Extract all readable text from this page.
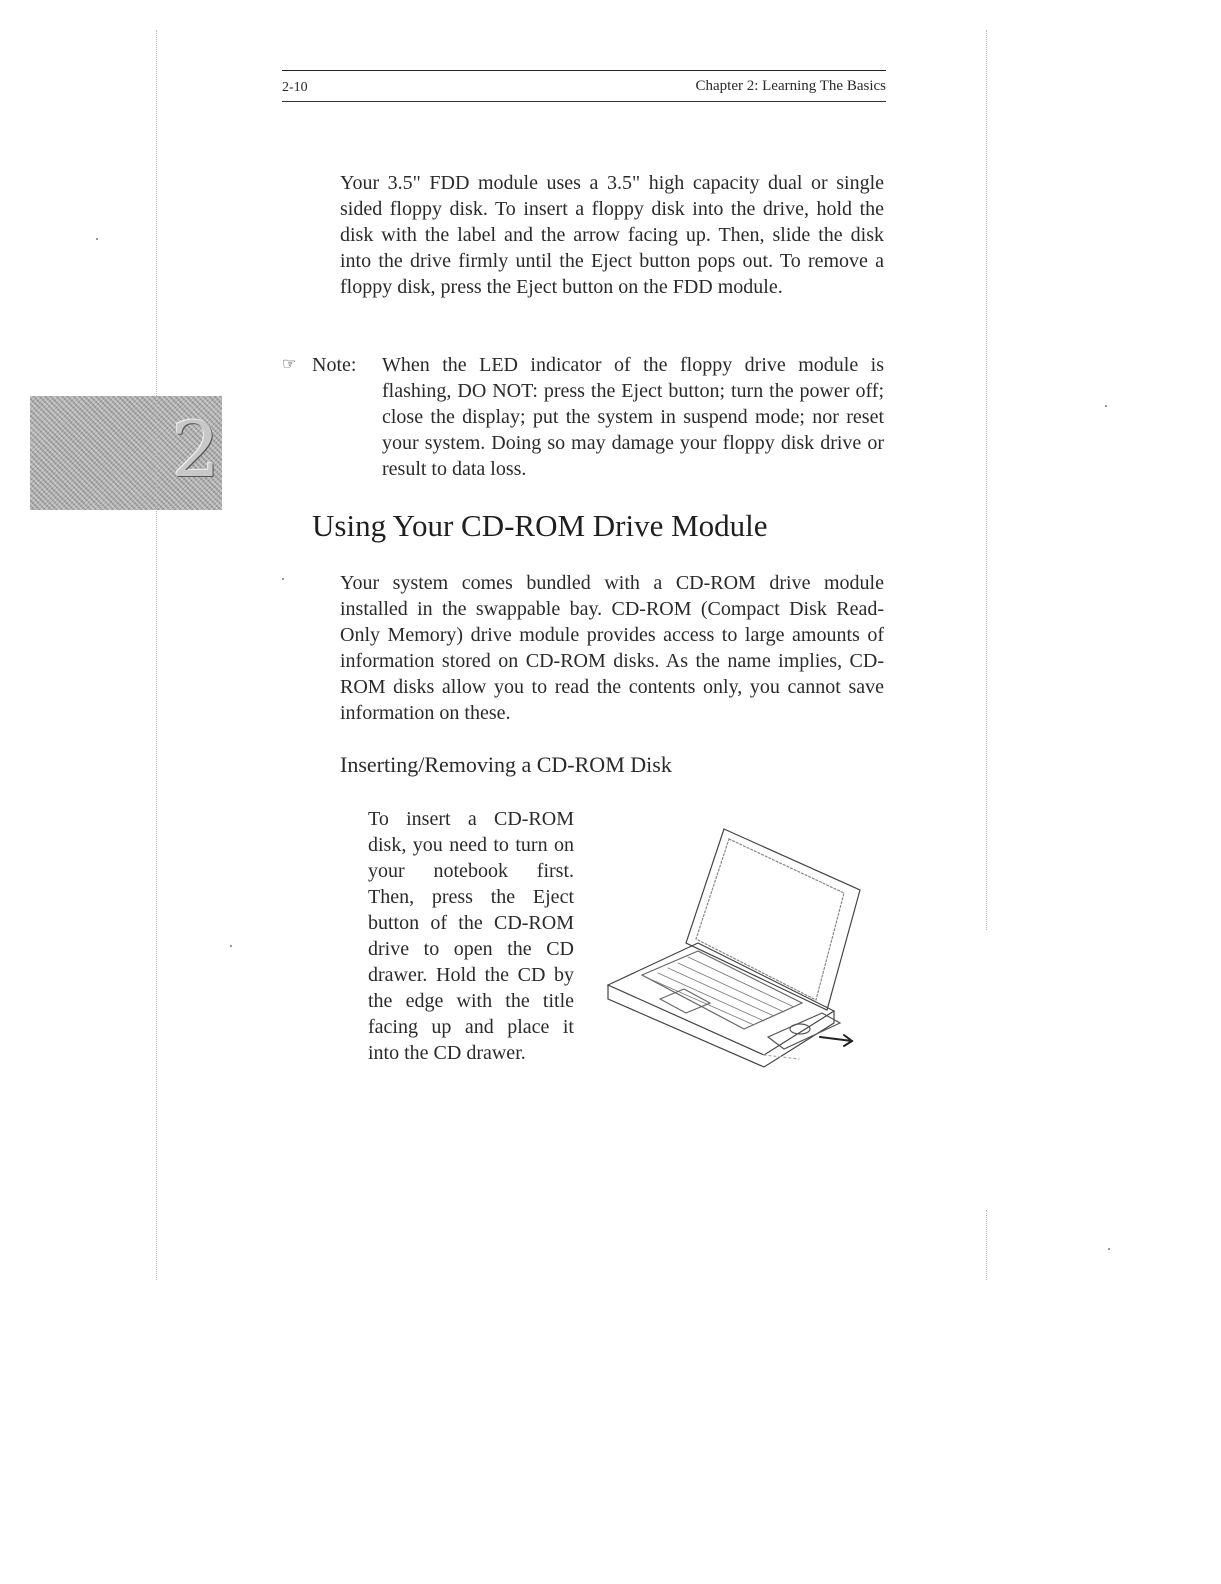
2-10	Chapter 2: Learning The Basics

Your 3.5" FDD module uses a 3.5" high capacity dual or single sided floppy disk. To insert a floppy disk into the drive, hold the disk with the label and the arrow facing up. Then, slide the disk into the drive firmly until the Eject button pops out. To remove a floppy disk, press the Eject button on the FDD module.

☞ Note: When the LED indicator of the floppy drive module is flashing, DO NOT: press the Eject button; turn the power off; close the display; put the system in suspend mode; nor reset your system. Doing so may damage your floppy disk drive or result to data loss.

2
Using Your CD-ROM Drive Module

Your system comes bundled with a CD-ROM drive module installed in the swappable bay. CD-ROM (Compact Disk Read-Only Memory) drive module provides access to large amounts of information stored on CD-ROM disks. As the name implies, CD-ROM disks allow you to read the contents only, you cannot save information on these.

Inserting/Removing a CD-ROM Disk

To insert a CD-ROM disk, you need to turn on your notebook first. Then, press the Eject button of the CD-ROM drive to open the CD drawer. Hold the CD by the edge with the title facing up and place it into the CD drawer.
